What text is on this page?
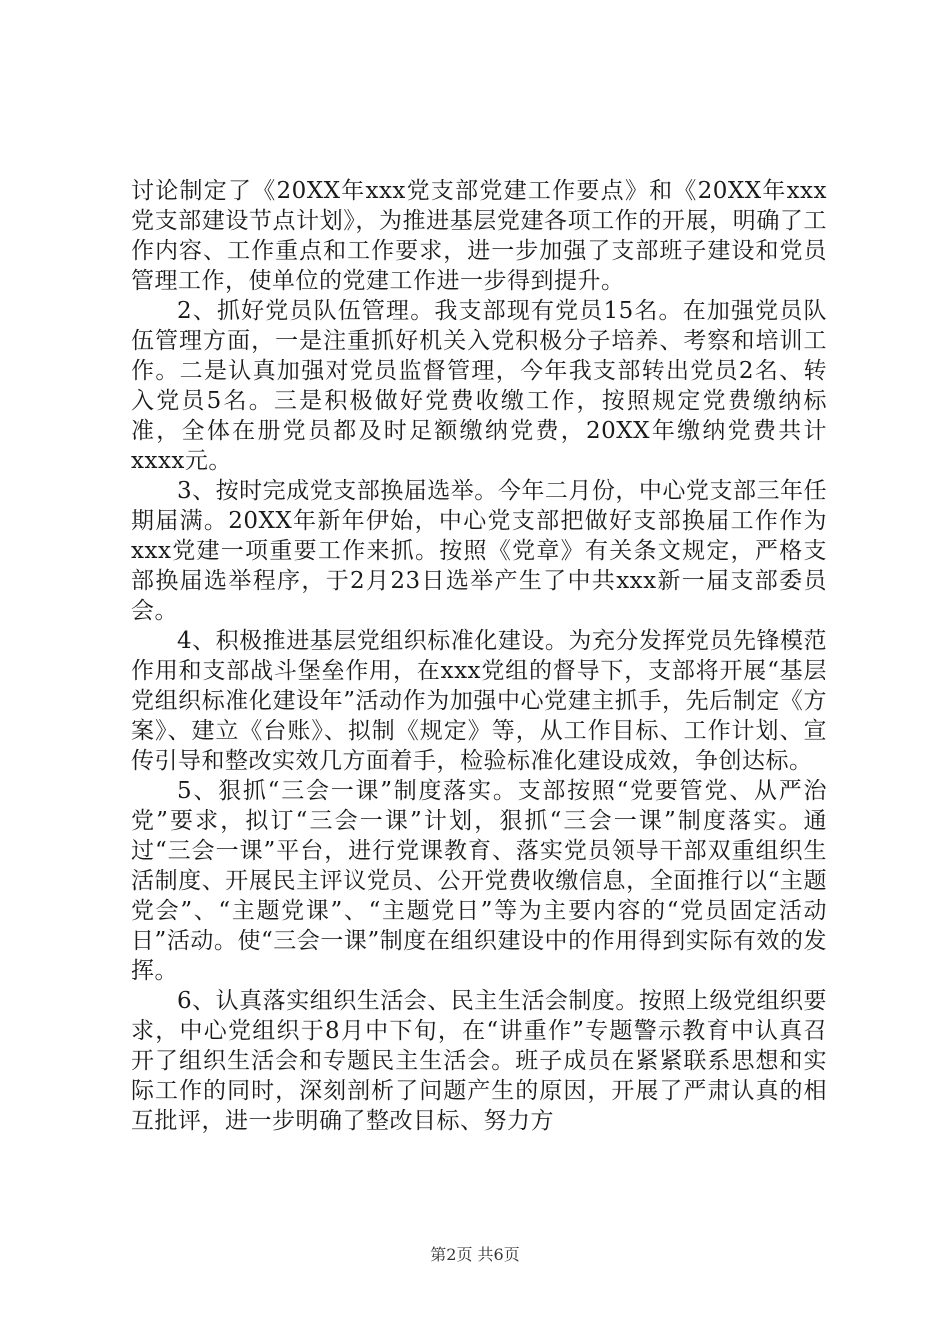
讨论制定了《20XX年xxx党支部党建工作要点》和《20XX年xxx党支部建设节点计划》，为推进基层党建各项工作的开展，明确了工作内容、工作重点和工作要求，进一步加强了支部班子建设和党员管理工作，使单位的党建工作进一步得到提升。

2、抓好党员队伍管理。我支部现有党员15名。在加强党员队伍管理方面，一是注重抓好机关入党积极分子培养、考察和培训工作。二是认真加强对党员监督管理，今年我支部转出党员2名、转入党员5名。三是积极做好党费收缴工作，按照规定党费缴纳标准，全体在册党员都及时足额缴纳党费，20XX年缴纳党费共计xxxx元。

3、按时完成党支部换届选举。今年二月份，中心党支部三年任期届满。20XX年新年伊始，中心党支部把做好支部换届工作作为xxx党建一项重要工作来抓。按照《党章》有关条文规定，严格支部换届选举程序，于2月23日选举产生了中共xxx新一届支部委员会。

4、积极推进基层党组织标准化建设。为充分发挥党员先锋模范作用和支部战斗堡垒作用，在xxx党组的督导下，支部将开展“基层党组织标准化建设年”活动作为加强中心党建主抓手，先后制定《方案》、建立《台账》、拟制《规定》等，从工作目标、工作计划、宣传引导和整改实效几方面着手，检验标准化建设成效，争创达标。

5、狠抓“三会一课”制度落实。支部按照“党要管党、从严治党”要求，拟订“三会一课”计划，狠抓“三会一课”制度落实。通过“三会一课”平台，进行党课教育、落实党员领导干部双重组织生活制度、开展民主评议党员、公开党费收缴信息，全面推行以“主题党会”、“主题党课”、“主题党日”等为主要内容的“党员固定活动日”活动。使“三会一课”制度在组织建设中的作用得到实际有效的发挥。

6、认真落实组织生活会、民主生活会制度。按照上级党组织要求，中心党组织于8月中下旬，在“讲重作”专题警示教育中认真召开了组织生活会和专题民主生活会。班子成员在紧紧联系思想和实际工作的同时，深刻剖析了问题产生的原因，开展了严肃认真的相互批评，进一步明确了整改目标、努力方

第2页 共6页
